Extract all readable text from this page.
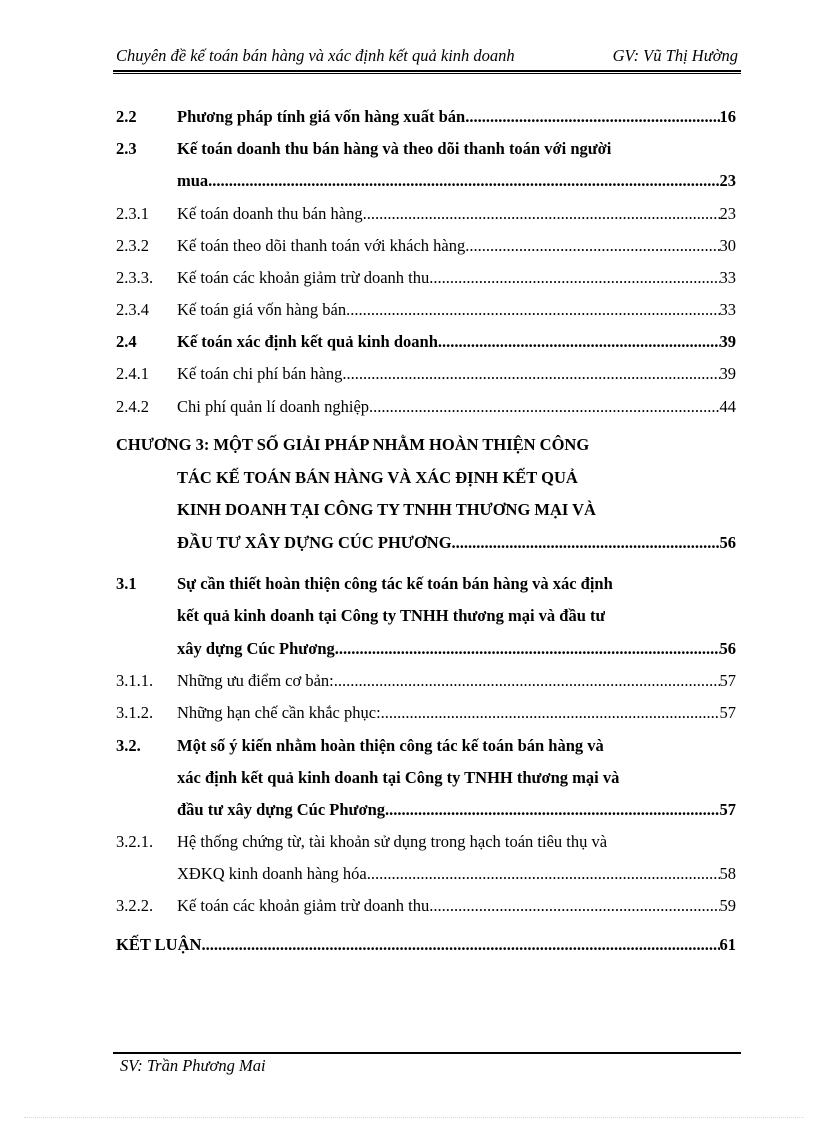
Chuyên đề kế toán bán hàng và xác định kết quả kinh doanh	GV: Vũ Thị Hường
2.2 Phương pháp tính giá vốn hàng xuất bán. .....	16
2.3 Kế toán doanh thu bán hàng và theo dõi thanh toán với người
mua. .....	23
2.3.1 Kế toán doanh thu bán hàng. .....	23
2.3.2 Kế toán theo dõi thanh toán với khách hàng. .....	30
2.3.3. Kế toán các khoản giảm trừ doanh thu. .....	33
2.3.4 Kế toán giá vốn hàng bán. .....	33
2.4 Kế toán xác định kết quả kinh doanh. .....	39
2.4.1 Kế toán chi phí bán hàng .....	39
2.4.2 Chi phí quản lí doanh nghiệp .....	44
CHƯƠNG 3: MỘT SỐ GIẢI PHÁP NHẰM HOÀN THIỆN CÔNG
TÁC KẾ TOÁN BÁN HÀNG VÀ XÁC ĐỊNH KẾT QUẢ
KINH DOANH TẠI CÔNG TY TNHH THƯƠNG MẠI VÀ
ĐẦU TƯ XÂY DỰNG CÚC PHƯƠNG .....	56
3.1 Sự cần thiết hoàn thiện công tác kế toán bán hàng và xác định
kết quả kinh doanh tại Công ty TNHH thương mại và đầu tư
xây dựng Cúc Phương. .....	56
3.1.1. Những ưu điểm cơ bản: .....	57
3.1.2. Những hạn chế cần khắc phục: .....	57
3.2. Một số ý kiến nhằm hoàn thiện công tác kế toán bán hàng và
xác định kết quả kinh doanh tại Công ty TNHH thương mại và
đầu tư xây dựng Cúc Phương. .....	57
3.2.1. Hệ thống chứng từ, tài khoản sử dụng trong hạch toán tiêu thụ và
XĐKQ kinh doanh hàng hóa. .....	58
3.2.2. Kế toán các khoản giảm trừ doanh thu. .....	59
KẾT LUẬN .....	61
SV: Trần Phương Mai
